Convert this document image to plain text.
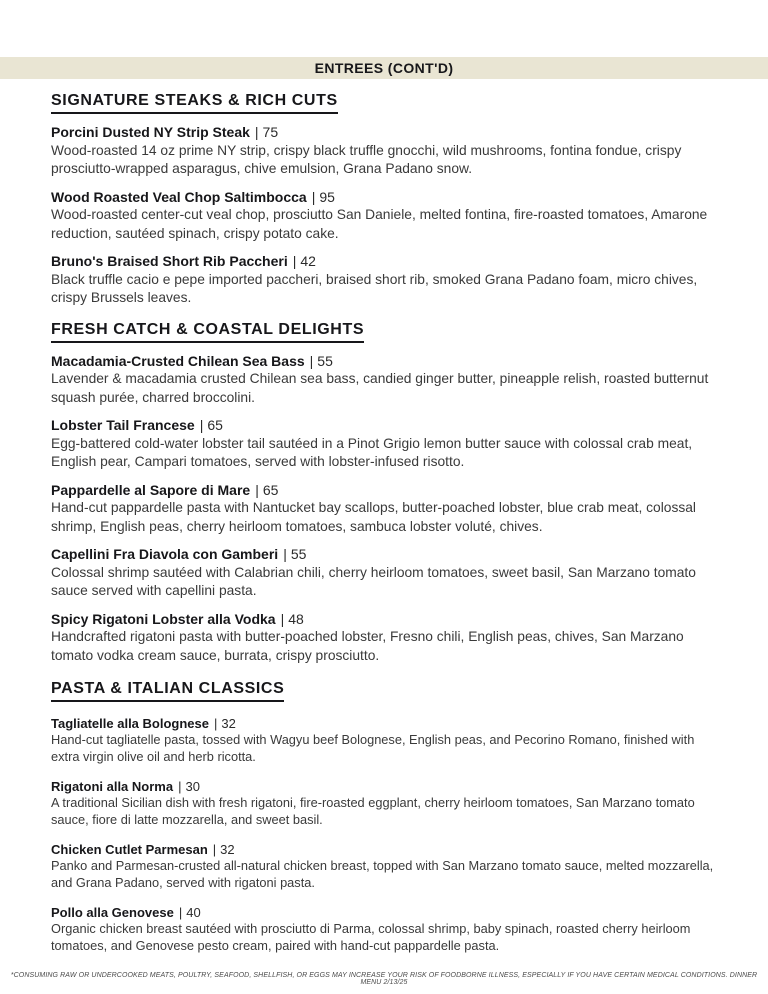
ENTREES (CONT'D)
SIGNATURE STEAKS & RICH CUTS
Porcini Dusted NY Strip Steak | 75
Wood-roasted 14 oz prime NY strip, crispy black truffle gnocchi, wild mushrooms, fontina fondue, crispy prosciutto-wrapped asparagus, chive emulsion, Grana Padano snow.
Wood Roasted Veal Chop Saltimbocca | 95
Wood-roasted center-cut veal chop, prosciutto San Daniele, melted fontina, fire-roasted tomatoes, Amarone reduction, sautéed spinach, crispy potato cake.
Bruno's Braised Short Rib Paccheri | 42
Black truffle cacio e pepe imported paccheri, braised short rib, smoked Grana Padano foam, micro chives, crispy Brussels leaves.
FRESH CATCH & COASTAL DELIGHTS
Macadamia-Crusted Chilean Sea Bass | 55
Lavender & macadamia crusted Chilean sea bass, candied ginger butter, pineapple relish, roasted butternut squash purée, charred broccolini.
Lobster Tail Francese | 65
Egg-battered cold-water lobster tail sautéed in a Pinot Grigio lemon butter sauce with colossal crab meat, English pear, Campari tomatoes, served with lobster-infused risotto.
Pappardelle al Sapore di Mare | 65
Hand-cut pappardelle pasta with Nantucket bay scallops, butter-poached lobster, blue crab meat, colossal shrimp, English peas, cherry heirloom tomatoes, sambuca lobster voluté, chives.
Capellini Fra Diavola con Gamberi | 55
Colossal shrimp sautéed with Calabrian chili, cherry heirloom tomatoes, sweet basil, San Marzano tomato sauce served with capellini pasta.
Spicy Rigatoni Lobster alla Vodka | 48
Handcrafted rigatoni pasta with butter-poached lobster, Fresno chili, English peas, chives, San Marzano tomato vodka cream sauce, burrata, crispy prosciutto.
PASTA & ITALIAN CLASSICS
Tagliatelle alla Bolognese | 32
Hand-cut tagliatelle pasta, tossed with Wagyu beef Bolognese, English peas, and Pecorino Romano, finished with extra virgin olive oil and herb ricotta.
Rigatoni alla Norma | 30
A traditional Sicilian dish with fresh rigatoni, fire-roasted eggplant, cherry heirloom tomatoes, San Marzano tomato sauce, fiore di latte mozzarella, and sweet basil.
Chicken Cutlet Parmesan | 32
Panko and Parmesan-crusted all-natural chicken breast, topped with San Marzano tomato sauce, melted mozzarella, and Grana Padano, served with rigatoni pasta.
Pollo alla Genovese | 40
Organic chicken breast sautéed with prosciutto di Parma, colossal shrimp, baby spinach, roasted cherry heirloom tomatoes, and Genovese pesto cream, paired with hand-cut pappardelle pasta.
*CONSUMING RAW OR UNDERCOOKED MEATS, POULTRY, SEAFOOD, SHELLFISH, OR EGGS MAY INCREASE YOUR RISK OF FOODBORNE ILLNESS, ESPECIALLY IF YOU HAVE CERTAIN MEDICAL CONDITIONS. DINNER MENU 2/13/25
